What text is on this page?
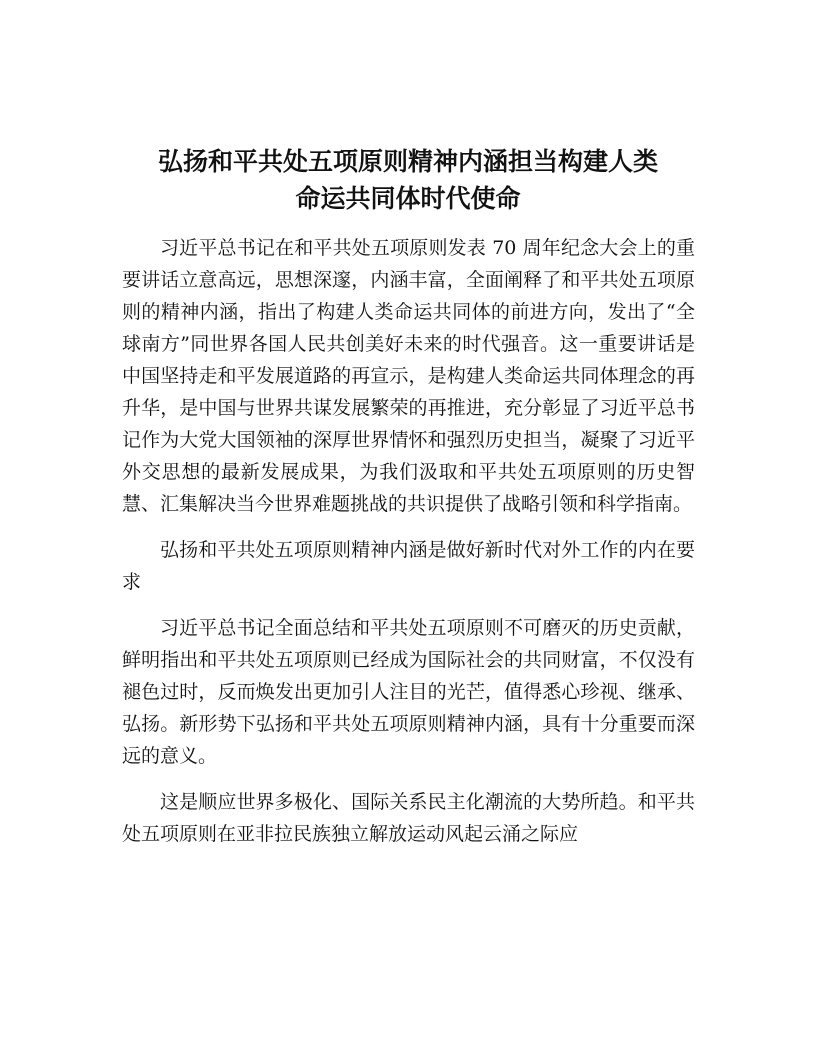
弘扬和平共处五项原则精神内涵担当构建人类
命运共同体时代使命

习近平总书记在和平共处五项原则发表 70 周年纪念大会上的重要讲话立意高远，思想深邃，内涵丰富，全面阐释了和平共处五项原则的精神内涵，指出了构建人类命运共同体的前进方向，发出了“全球南方”同世界各国人民共创美好未来的时代强音。这一重要讲话是中国坚持走和平发展道路的再宣示，是构建人类命运共同体理念的再升华，是中国与世界共谋发展繁荣的再推进，充分彰显了习近平总书记作为大党大国领袖的深厚世界情怀和强烈历史担当，凝聚了习近平外交思想的最新发展成果，为我们汲取和平共处五项原则的历史智慧、汇集解决当今世界难题挑战的共识提供了战略引领和科学指南。

弘扬和平共处五项原则精神内涵是做好新时代对外工作的内在要求

习近平总书记全面总结和平共处五项原则不可磨灭的历史贡献，鲜明指出和平共处五项原则已经成为国际社会的共同财富，不仅没有褪色过时，反而焕发出更加引人注目的光芒，值得悉心珍视、继承、弘扬。新形势下弘扬和平共处五项原则精神内涵，具有十分重要而深远的意义。

这是顺应世界多极化、国际关系民主化潮流的大势所趋。和平共处五项原则在亚非拉民族独立解放运动风起云涌之际应
